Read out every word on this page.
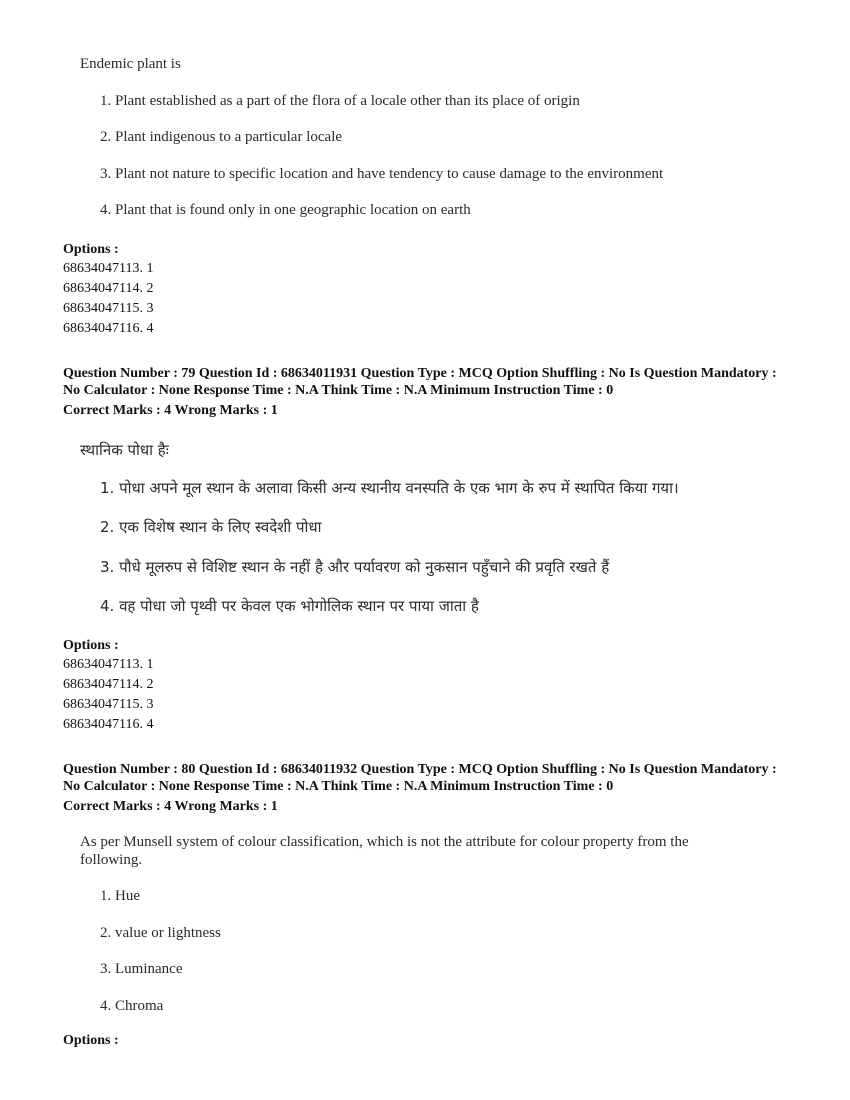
Endemic plant is
1. Plant established as a part of the flora of a locale other than its place of origin
2. Plant indigenous to a particular locale
3. Plant not nature to specific location and have tendency to cause damage to the environment
4. Plant that is found only in one geographic location on earth
Options :
68634047113. 1
68634047114. 2
68634047115. 3
68634047116. 4
Question Number : 79 Question Id : 68634011931 Question Type : MCQ Option Shuffling : No Is Question Mandatory :
No Calculator : None Response Time : N.A Think Time : N.A Minimum Instruction Time : 0
Correct Marks : 4 Wrong Marks : 1
स्थानिक पोधा हैः
1. पोधा अपने मूल स्थान के अलावा किसी अन्य स्थानीय वनस्पति के एक भाग के रुप में स्थापित किया गया।
2. एक विशेष स्थान के लिए स्वदेशी पोधा
3. पौधे मूलरुप से विशिष्ट स्थान के नहीं है और पर्यावरण को नुकसान पहुँचाने की प्रवृति रखते हैं
4. वह पोधा जो पृथ्वी पर केवल एक भोगोलिक स्थान पर पाया जाता है
Options :
68634047113. 1
68634047114. 2
68634047115. 3
68634047116. 4
Question Number : 80 Question Id : 68634011932 Question Type : MCQ Option Shuffling : No Is Question Mandatory :
No Calculator : None Response Time : N.A Think Time : N.A Minimum Instruction Time : 0
Correct Marks : 4 Wrong Marks : 1
As per Munsell system of colour classification, which is not the attribute for colour property from the
following.
1. Hue
2. value or lightness
3. Luminance
4. Chroma
Options :
